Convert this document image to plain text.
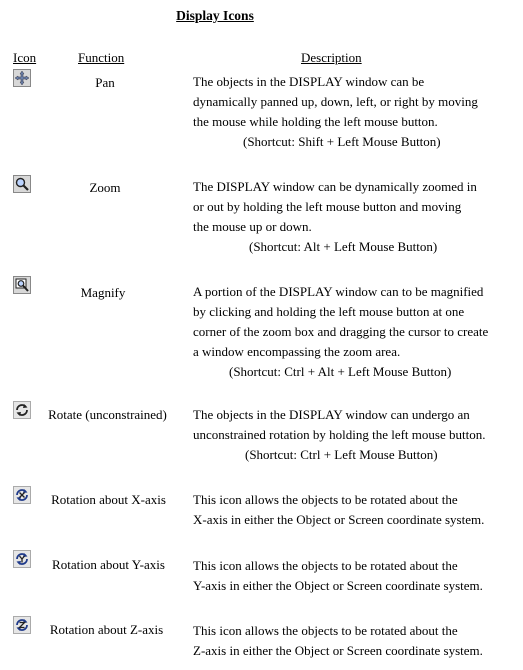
Display Icons
Icon	Function	Description
Pan	The objects in the DISPLAY window can be
dynamically panned up, down, left, or right by moving
the mouse while holding the left mouse button.
(Shortcut: Shift + Left Mouse Button)
Zoom	The DISPLAY window can be dynamically zoomed in
or out by holding the left mouse button and moving
the mouse up or down.
(Shortcut: Alt + Left Mouse Button)
Magnify	A portion of the DISPLAY window can to be magnified
by clicking and holding the left mouse button at one
corner of the zoom box and dragging the cursor to create
a window encompassing the zoom area.
(Shortcut: Ctrl + Alt + Left Mouse Button)
Rotate (unconstrained)	The objects in the DISPLAY window can undergo an
unconstrained rotation by holding the left mouse button.
(Shortcut: Ctrl + Left Mouse Button)
Rotation about X-axis	This icon allows the objects to be rotated about the
X-axis in either the Object or Screen coordinate system.
Rotation about Y-axis	This icon allows the objects to be rotated about the
Y-axis in either the Object or Screen coordinate system.
Rotation about Z-axis	This icon allows the objects to be rotated about the
Z-axis in either the Object or Screen coordinate system.
